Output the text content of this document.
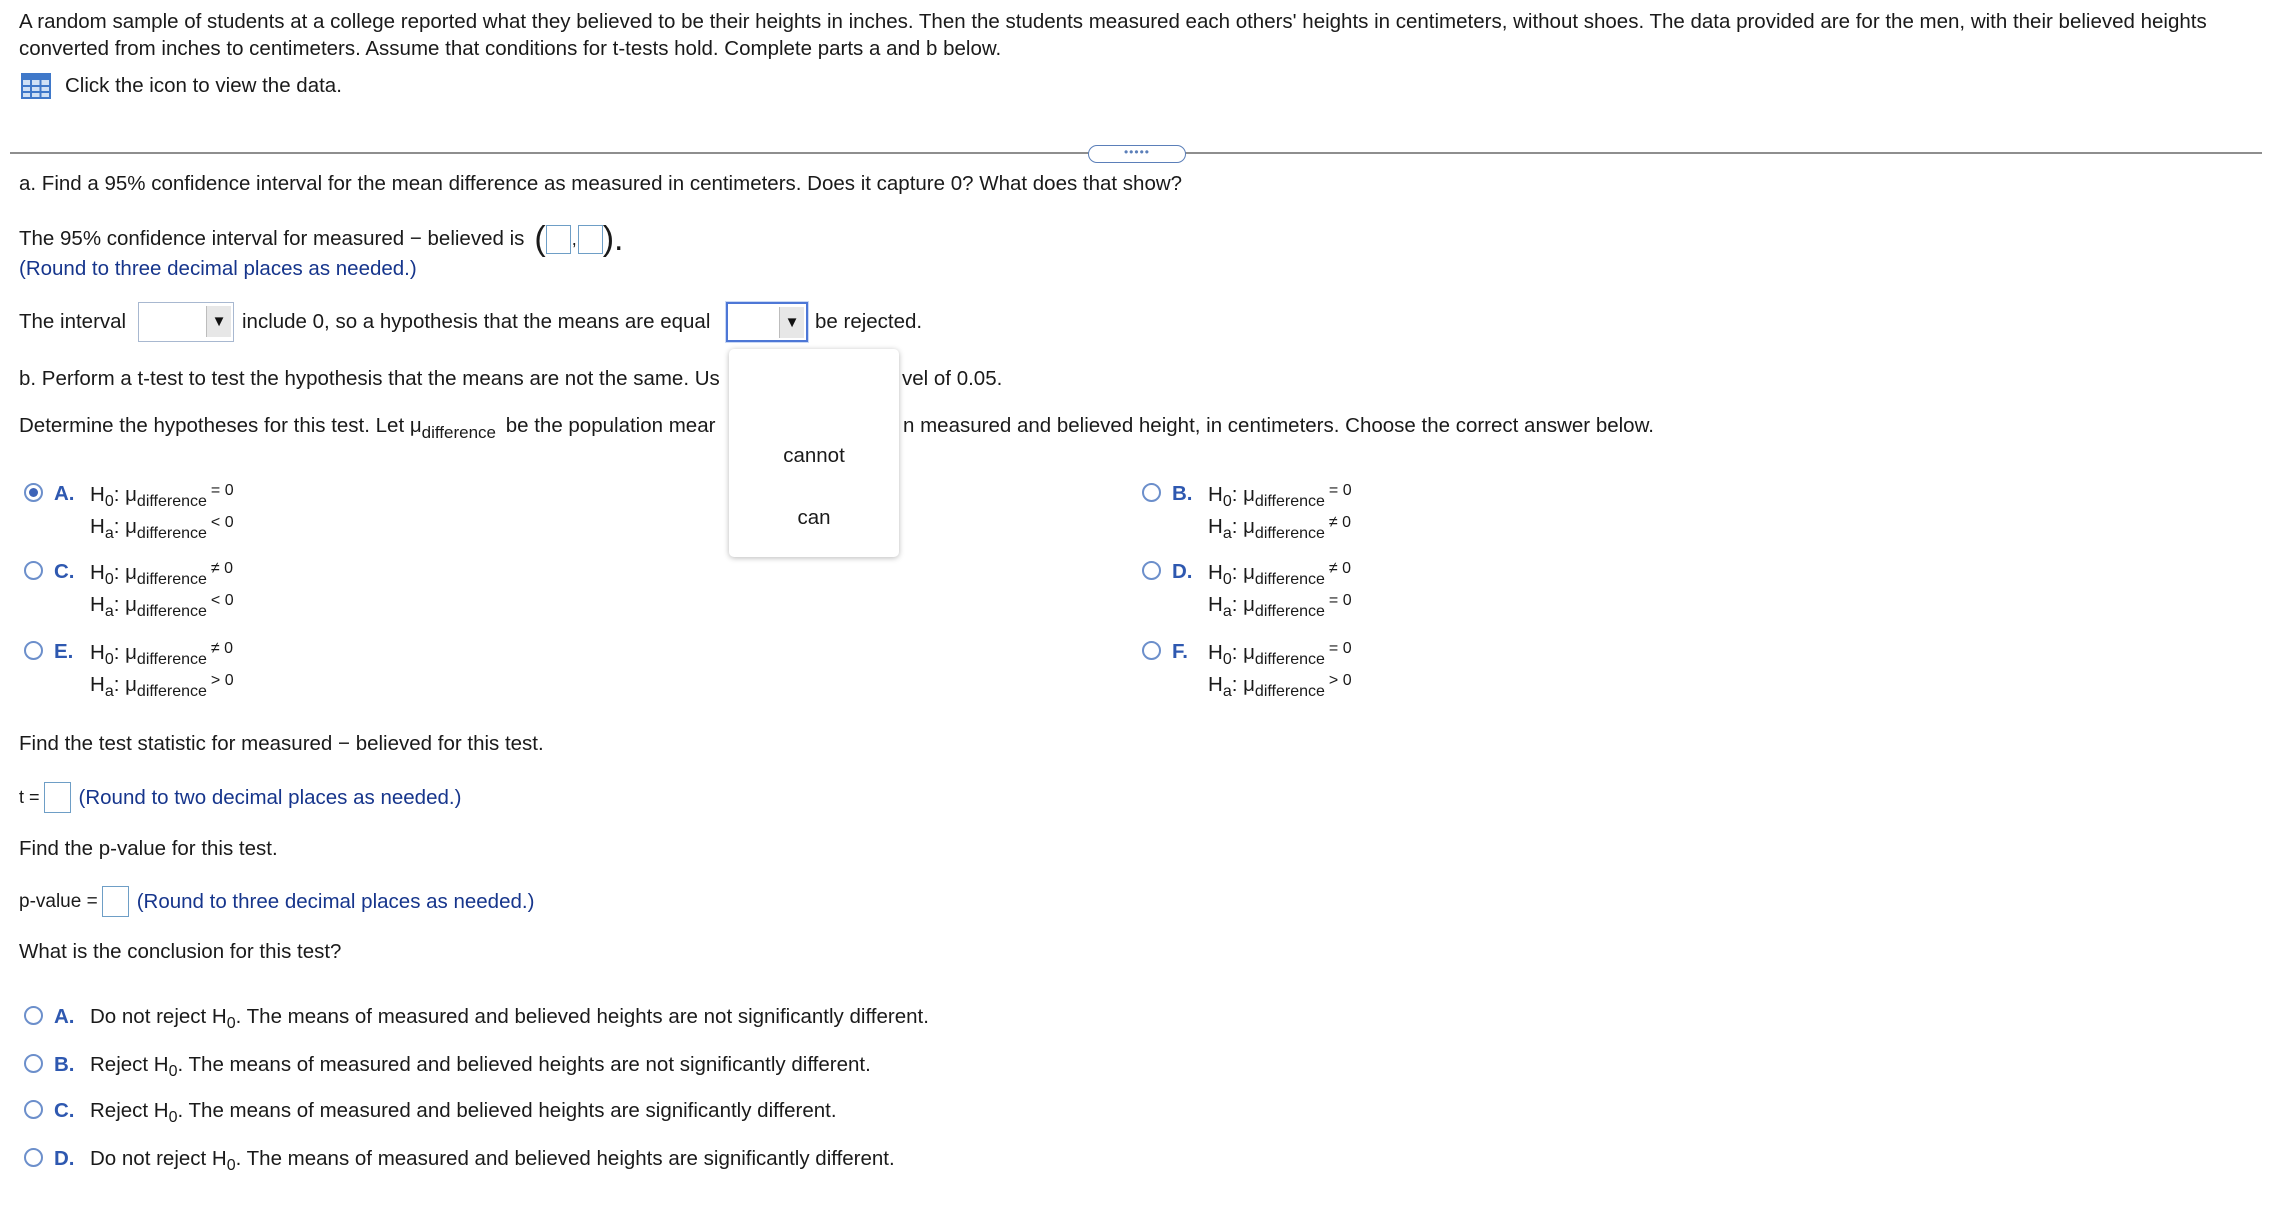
A random sample of students at a college reported what they believed to be their heights in inches. Then the students measured each others' heights in centimeters, without shoes. The data provided are for the men, with their believed heights converted from inches to centimeters. Assume that conditions for t-tests hold. Complete parts a and b below.
Click the icon to view the data.
•••••
a. Find a 95% confidence interval for the mean difference as measured in centimeters. Does it capture 0? What does that show?
The 95% confidence interval for measured − believed is ( , ).
(Round to three decimal places as needed.)
The interval	▼ include 0, so a hypothesis that the means are equal	▼ be rejected.
b. Perform a t-test to test the hypothesis that the means are not the same. Us	vel of 0.05.
Determine the hypotheses for this test. Let $\mu_{difference}$ be the population mear	n measured and believed height, in centimeters. Choose the correct answer below.
A. $H_0$: $\mu_{difference}^{= 0}$
$H_a$: $\mu_{difference}^{< 0}$
B. $H_0$: $\mu_{difference}^{= 0}$
$H_a$: $\mu_{difference}^{\ne 0}$
C. $H_0$: $\mu_{difference}^{\ne 0}$
$H_a$: $\mu_{difference}^{< 0}$
D. $H_0$: $\mu_{difference}^{\ne 0}$
$H_a$: $\mu_{difference}^{= 0}$
E. $H_0$: $\mu_{difference}^{\ne 0}$
$H_a$: $\mu_{difference}^{> 0}$
F. $H_0$: $\mu_{difference}^{= 0}$
$H_a$: $\mu_{difference}^{> 0}$
Find the test statistic for measured − believed for this test.
t = (Round to two decimal places as needed.)
Find the p-value for this test.
p-value = (Round to three decimal places as needed.)
What is the conclusion for this test?
A. Do not reject $H_0$. The means of measured and believed heights are not significantly different.
B. Reject $H_0$. The means of measured and believed heights are not significantly different.
C. Reject $H_0$. The means of measured and believed heights are significantly different.
D. Do not reject $H_0$. The means of measured and believed heights are significantly different.
cannot
can
